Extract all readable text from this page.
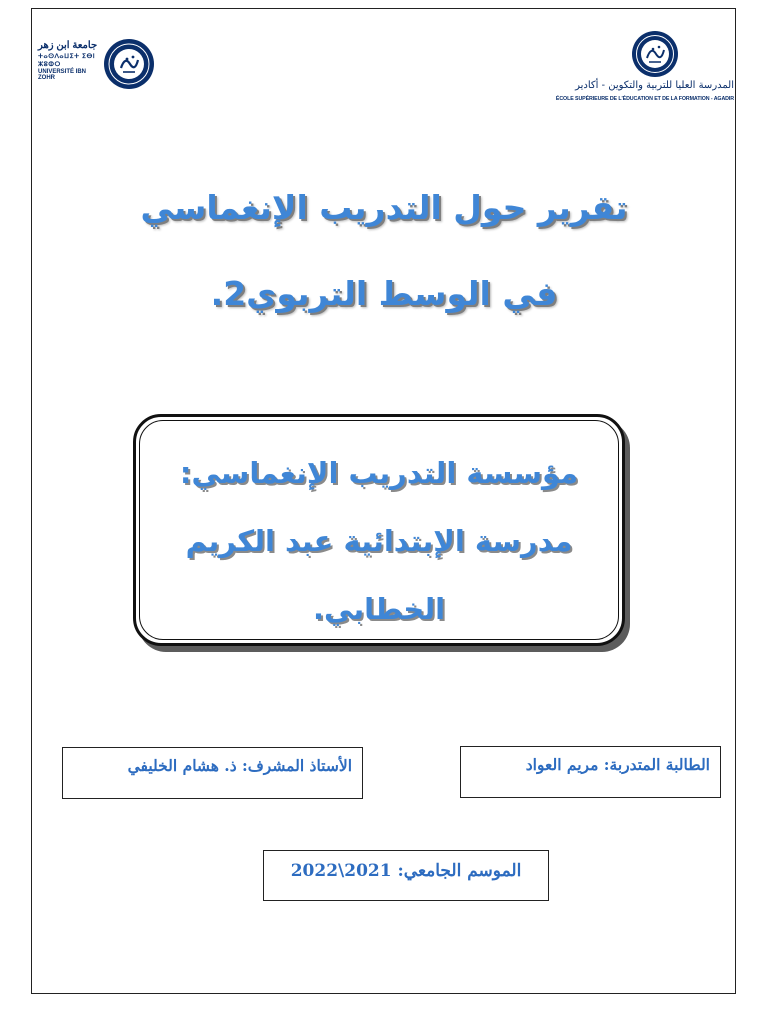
جامعة ابن زهر
ⵜⴰⵙⴷⴰⵡⵉⵜ ⵉⴱⵏ ⵣⵓⵀⵔ
UNIVERSITÉ IBN ZOHR
المدرسة العليا للتربية والتكوين - أكادير
ÉCOLE SUPÉRIEURE DE L'ÉDUCATION ET DE LA FORMATION - AGADIR
تقرير حول التدريب الإنغماسي
في الوسط التربوي2.
مؤسسة التدريب الإنغماسي:
مدرسة الإبتدائية عبد الكريم
الخطابي.
الطالبة المتدربة: مريم العواد
الأستاذ المشرف: ذ. هشام الخليفي
الموسم الجامعي: 2021\2022
